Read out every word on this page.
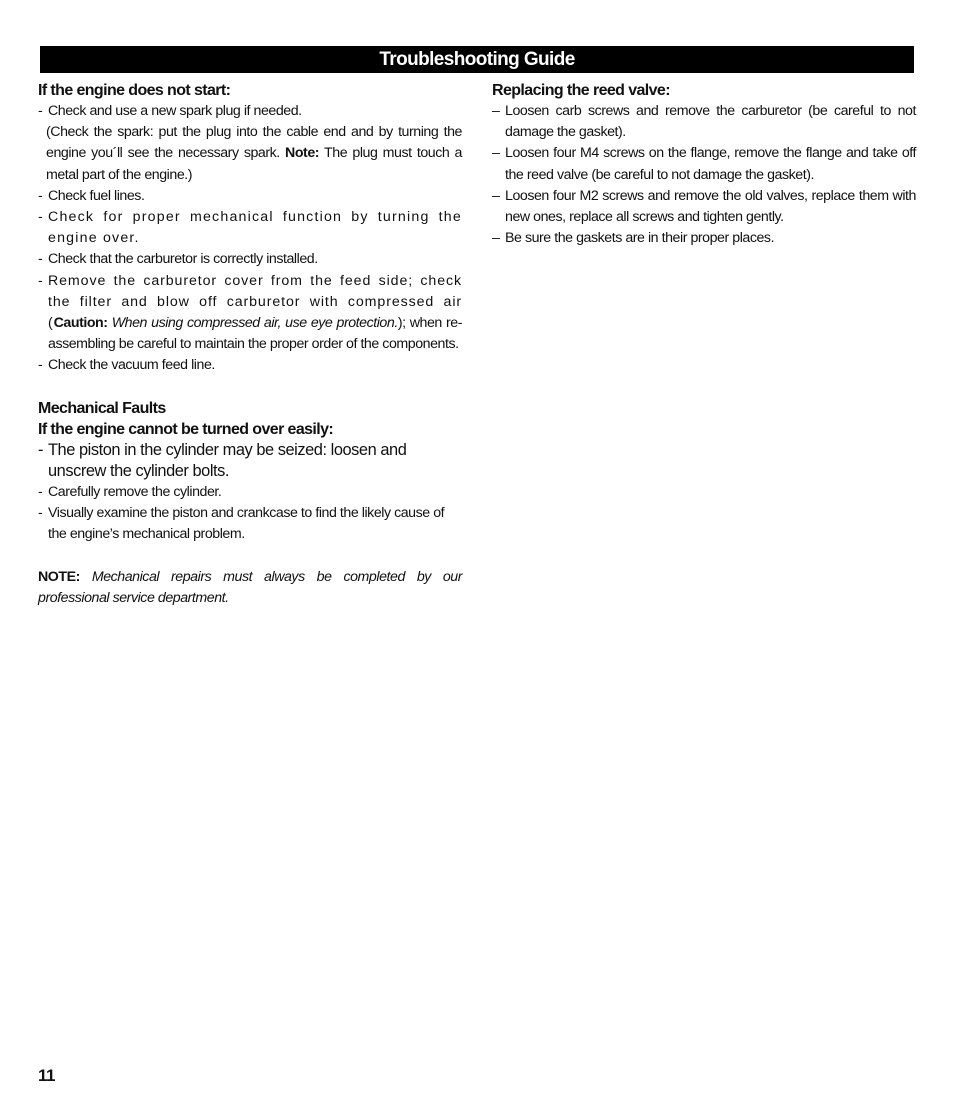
Troubleshooting Guide

If the engine does not start:

- Check and use a new spark plug if needed.

(Check the spark: put the plug into the cable end and by turning the engine you´ll see the necessary spark. Note: The plug must touch a metal part of the engine.)

- Check fuel lines.
- Check for proper mechanical function by turning the engine over.
- Check that the carburetor is correctly installed.
- Remove the carburetor cover from the feed side; check the filter and blow off carburetor with compressed air (Caution: When using compressed air, use eye protection.); when re-assembling be careful to maintain the proper order of the components.
- Check the vacuum feed line.

Mechanical Faults

If the engine cannot be turned over easily:

- The piston in the cylinder may be seized: loosen and unscrew the cylinder bolts.
- Carefully remove the cylinder.
- Visually examine the piston and crankcase to find the likely cause of the engine’s mechanical problem.

NOTE: Mechanical repairs must always be completed by our professional service department.

Replacing the reed valve:

– Loosen carb screws and remove the carburetor (be careful to not damage the gasket).
– Loosen four M4 screws on the flange, remove the flange and take off the reed valve (be careful to not damage the gasket).
– Loosen four M2 screws and remove the old valves, replace them with new ones, replace all screws and tighten gently.
– Be sure the gaskets are in their proper places.
11
